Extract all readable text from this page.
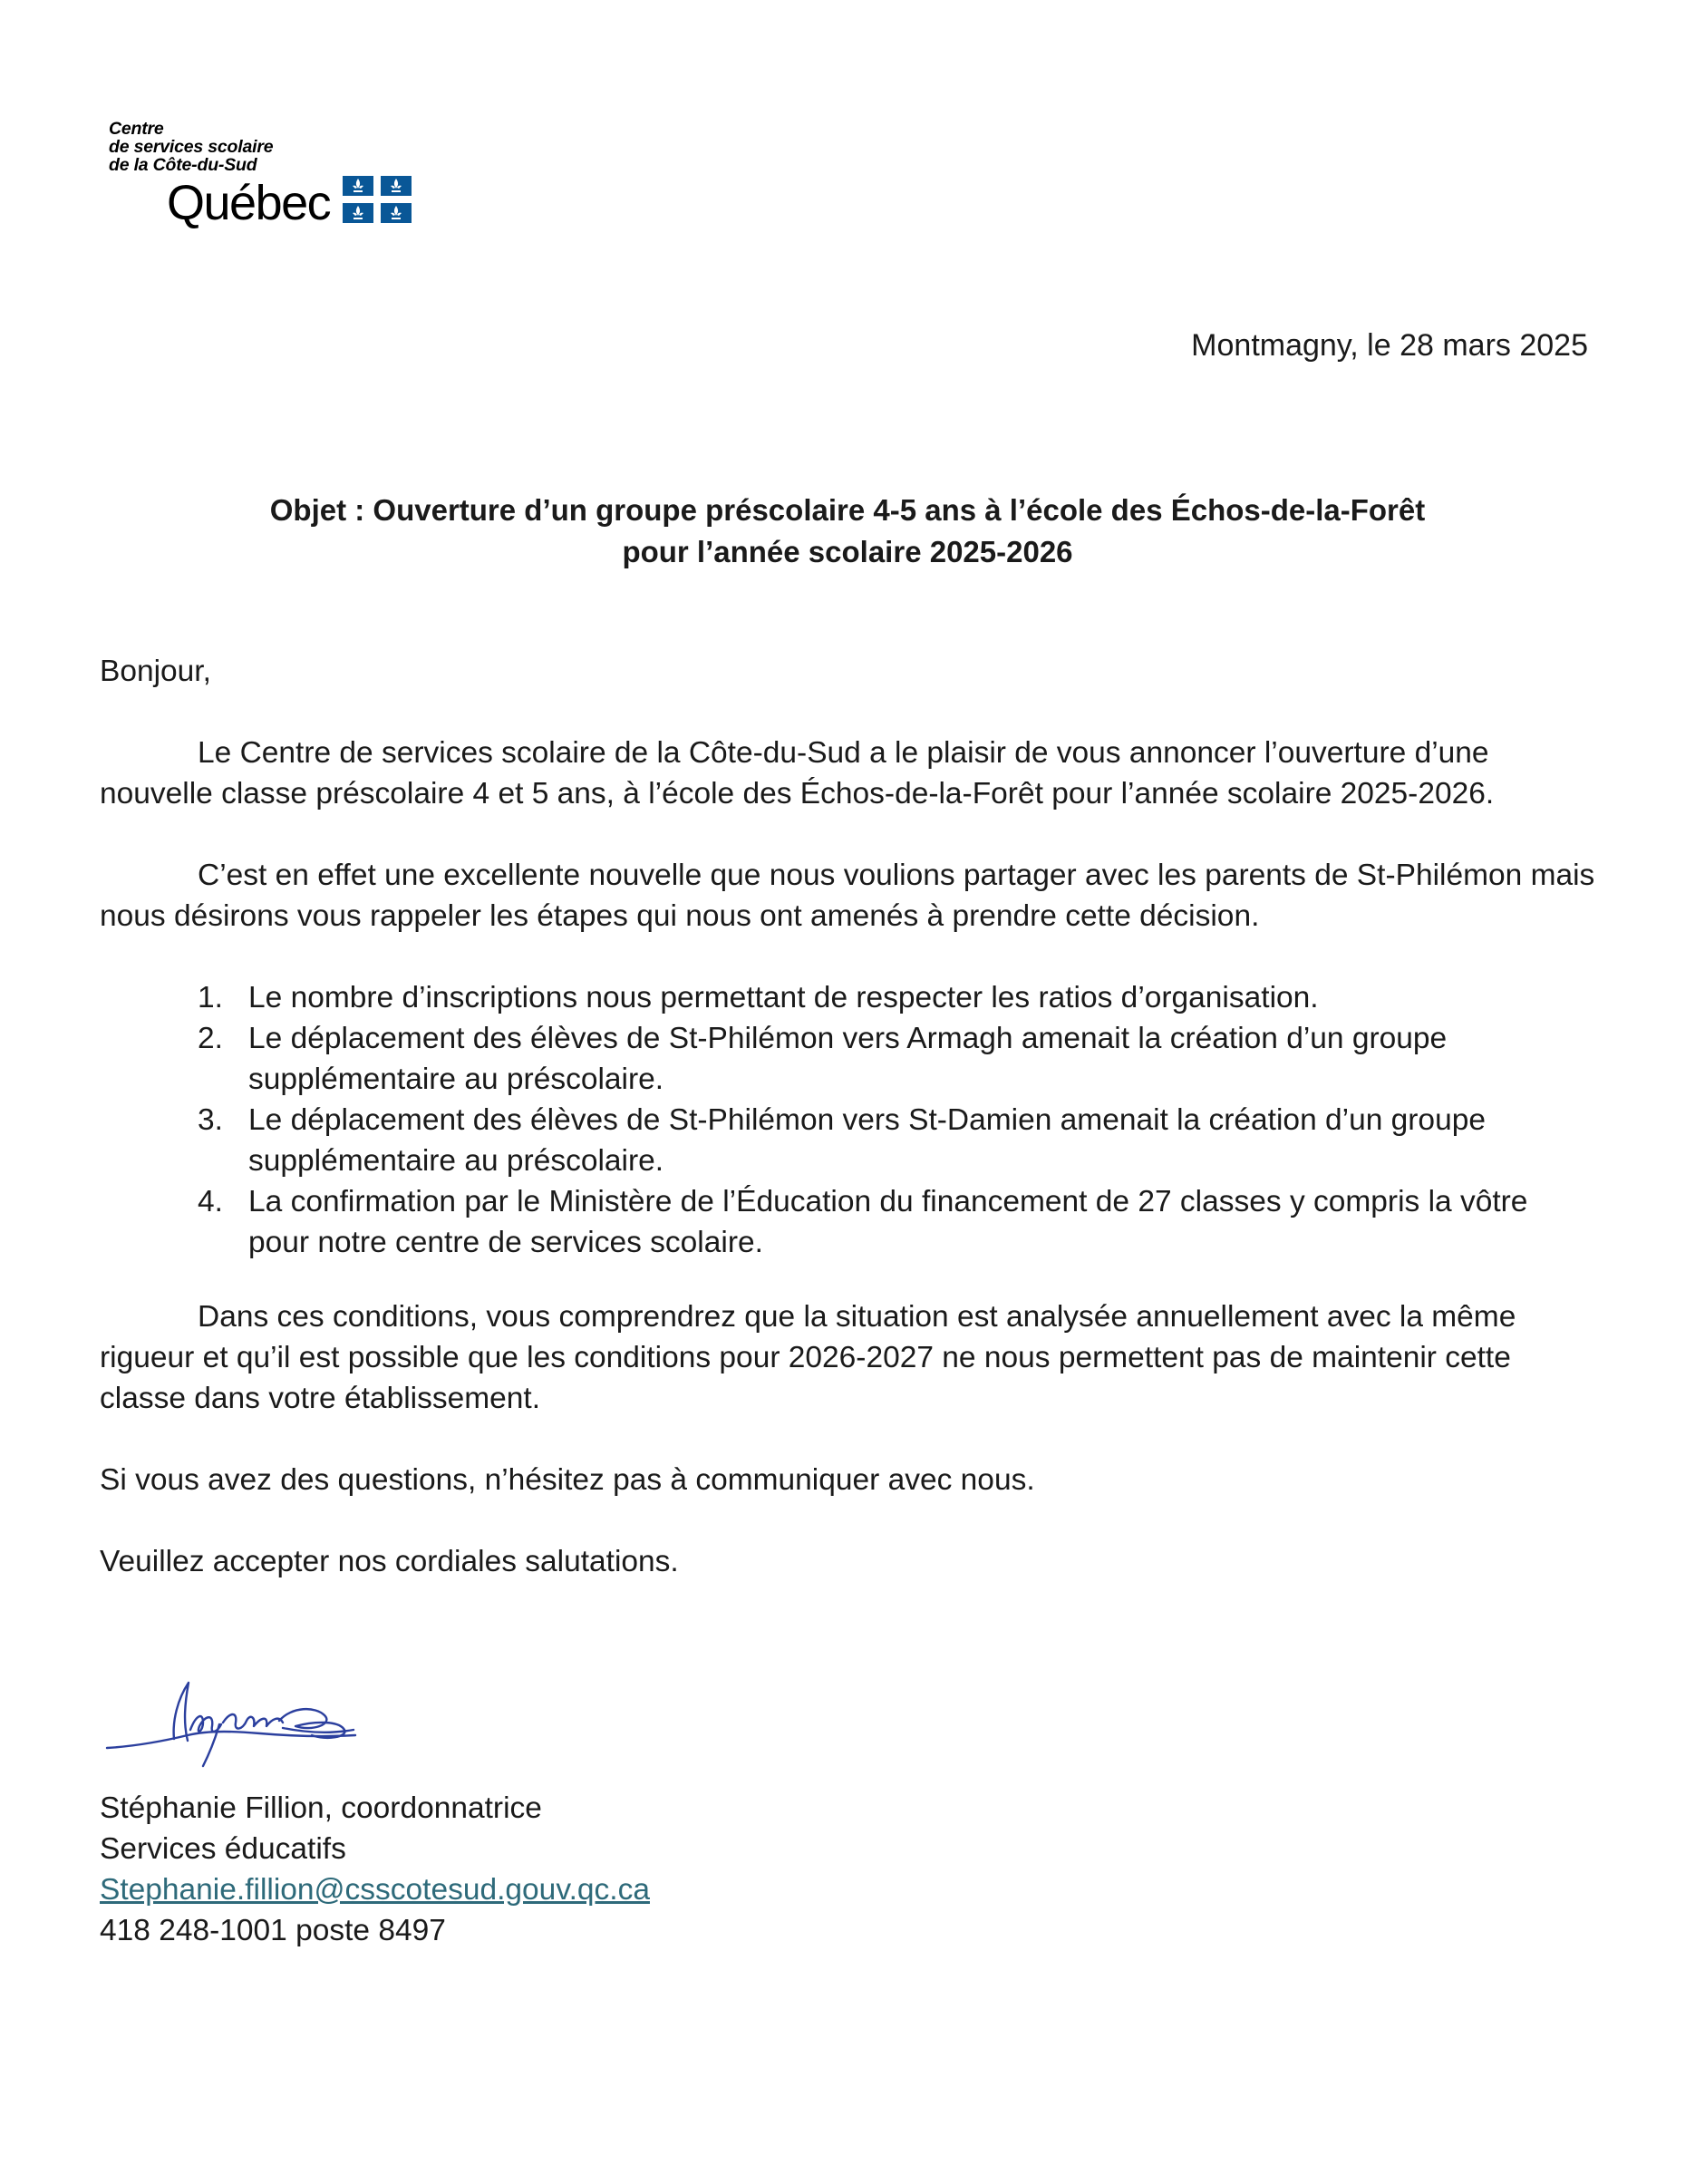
Centre
de services scolaire
de la Côte-du-Sud
Québec
Montmagny, le 28 mars 2025
Objet : Ouverture d’un groupe préscolaire 4-5 ans à l’école des Échos-de-la-Forêt
pour l’année scolaire 2025-2026
Bonjour,
Le Centre de services scolaire de la Côte-du-Sud a le plaisir de vous annoncer l’ouverture d’une nouvelle classe préscolaire 4 et 5 ans, à l’école des Échos-de-la-Forêt pour l’année scolaire 2025-2026.
C’est en effet une excellente nouvelle que nous voulions partager avec les parents de St-Philémon mais nous désirons vous rappeler les étapes qui nous ont amenés à prendre cette décision.
Dans ces conditions, vous comprendrez que la situation est analysée annuellement avec la même rigueur et qu’il est possible que les conditions pour 2026-2027 ne nous permettent pas de maintenir cette classe dans votre établissement.
Si vous avez des questions, n’hésitez pas à communiquer avec nous.
Veuillez accepter nos cordiales salutations.
1. Le nombre d’inscriptions nous permettant de respecter les ratios d’organisation.
2. Le déplacement des élèves de St-Philémon vers Armagh amenait la création d’un groupe supplémentaire au préscolaire.
3. Le déplacement des élèves de St-Philémon vers St-Damien amenait la création d’un groupe supplémentaire au préscolaire.
4. La confirmation par le Ministère de l’Éducation du financement de 27 classes y compris la vôtre pour notre centre de services scolaire.
Stéphanie Fillion, coordonnatrice
Services éducatifs
Stephanie.fillion@csscotesud.gouv.qc.ca
418 248-1001 poste 8497
